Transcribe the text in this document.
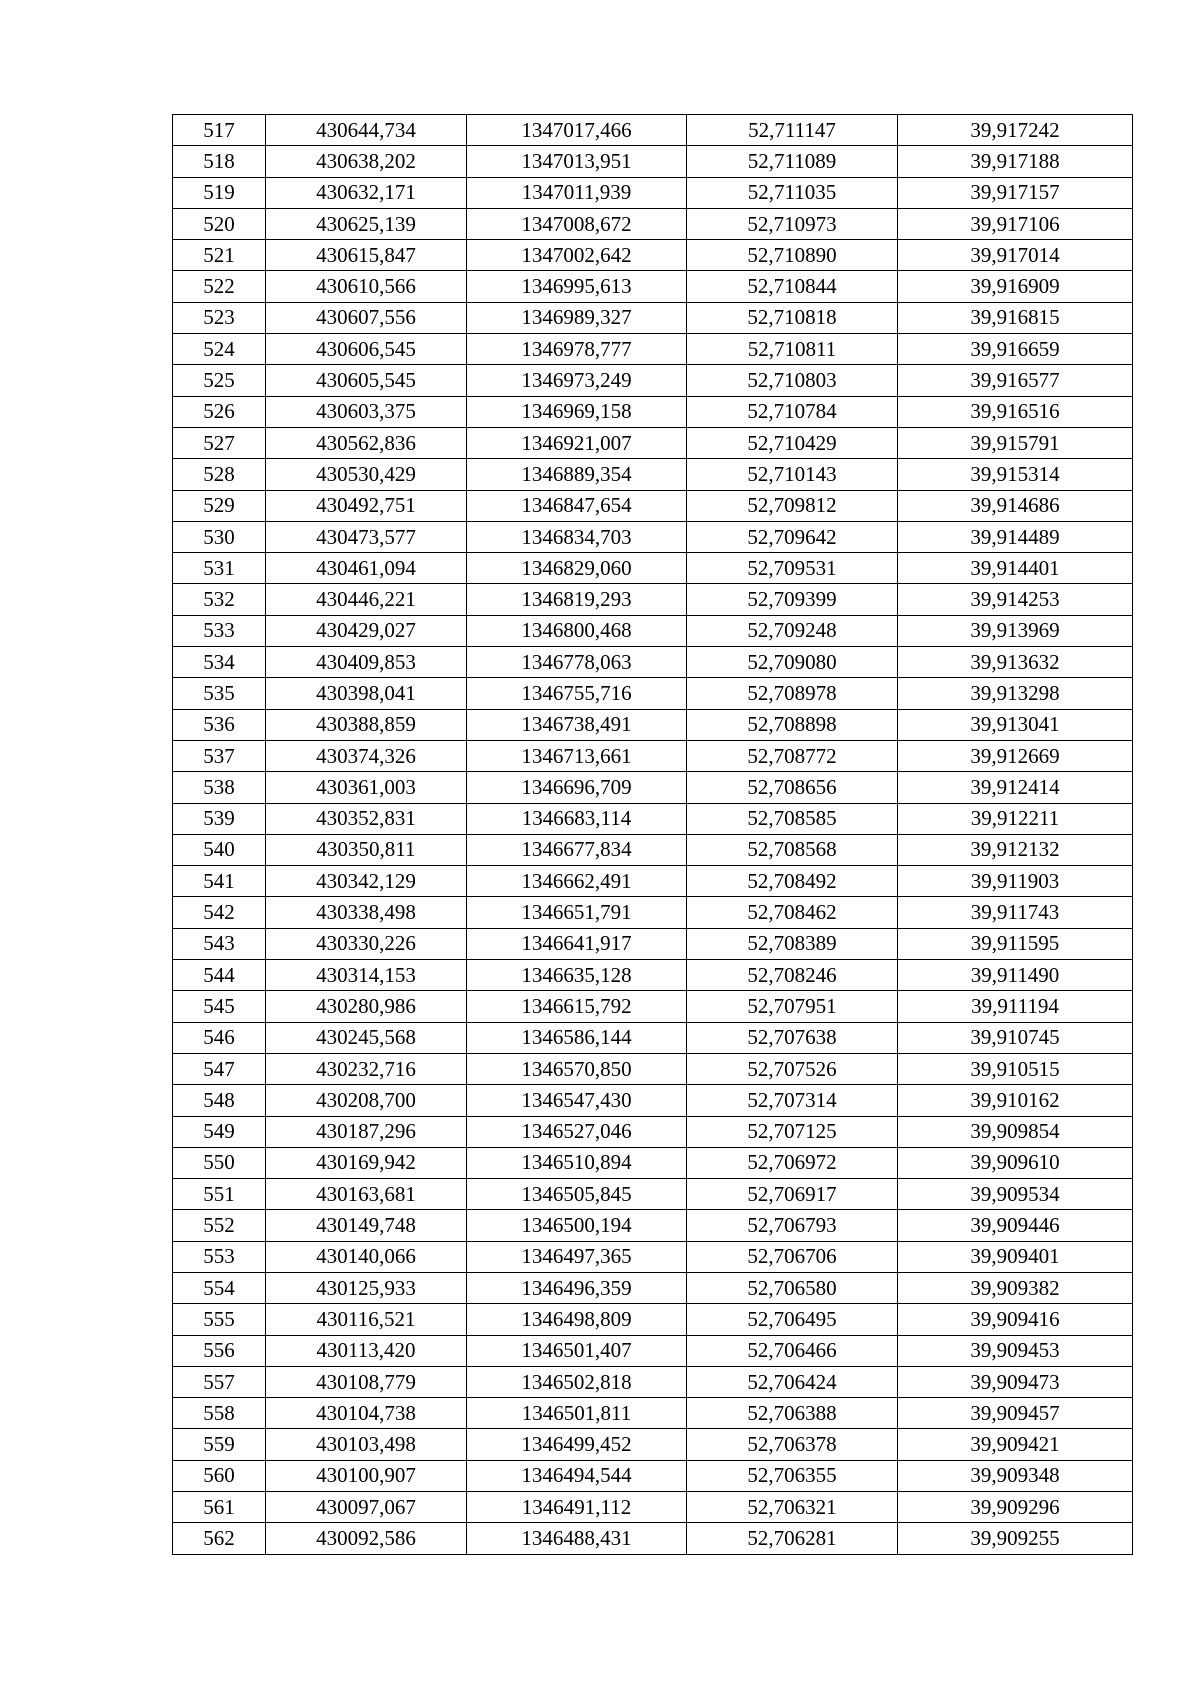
517	430644,734	1347017,466	52,711147	39,917242
518	430638,202	1347013,951	52,711089	39,917188
519	430632,171	1347011,939	52,711035	39,917157
520	430625,139	1347008,672	52,710973	39,917106
521	430615,847	1347002,642	52,710890	39,917014
522	430610,566	1346995,613	52,710844	39,916909
523	430607,556	1346989,327	52,710818	39,916815
524	430606,545	1346978,777	52,710811	39,916659
525	430605,545	1346973,249	52,710803	39,916577
526	430603,375	1346969,158	52,710784	39,916516
527	430562,836	1346921,007	52,710429	39,915791
528	430530,429	1346889,354	52,710143	39,915314
529	430492,751	1346847,654	52,709812	39,914686
530	430473,577	1346834,703	52,709642	39,914489
531	430461,094	1346829,060	52,709531	39,914401
532	430446,221	1346819,293	52,709399	39,914253
533	430429,027	1346800,468	52,709248	39,913969
534	430409,853	1346778,063	52,709080	39,913632
535	430398,041	1346755,716	52,708978	39,913298
536	430388,859	1346738,491	52,708898	39,913041
537	430374,326	1346713,661	52,708772	39,912669
538	430361,003	1346696,709	52,708656	39,912414
539	430352,831	1346683,114	52,708585	39,912211
540	430350,811	1346677,834	52,708568	39,912132
541	430342,129	1346662,491	52,708492	39,911903
542	430338,498	1346651,791	52,708462	39,911743
543	430330,226	1346641,917	52,708389	39,911595
544	430314,153	1346635,128	52,708246	39,911490
545	430280,986	1346615,792	52,707951	39,911194
546	430245,568	1346586,144	52,707638	39,910745
547	430232,716	1346570,850	52,707526	39,910515
548	430208,700	1346547,430	52,707314	39,910162
549	430187,296	1346527,046	52,707125	39,909854
550	430169,942	1346510,894	52,706972	39,909610
551	430163,681	1346505,845	52,706917	39,909534
552	430149,748	1346500,194	52,706793	39,909446
553	430140,066	1346497,365	52,706706	39,909401
554	430125,933	1346496,359	52,706580	39,909382
555	430116,521	1346498,809	52,706495	39,909416
556	430113,420	1346501,407	52,706466	39,909453
557	430108,779	1346502,818	52,706424	39,909473
558	430104,738	1346501,811	52,706388	39,909457
559	430103,498	1346499,452	52,706378	39,909421
560	430100,907	1346494,544	52,706355	39,909348
561	430097,067	1346491,112	52,706321	39,909296
562	430092,586	1346488,431	52,706281	39,909255
